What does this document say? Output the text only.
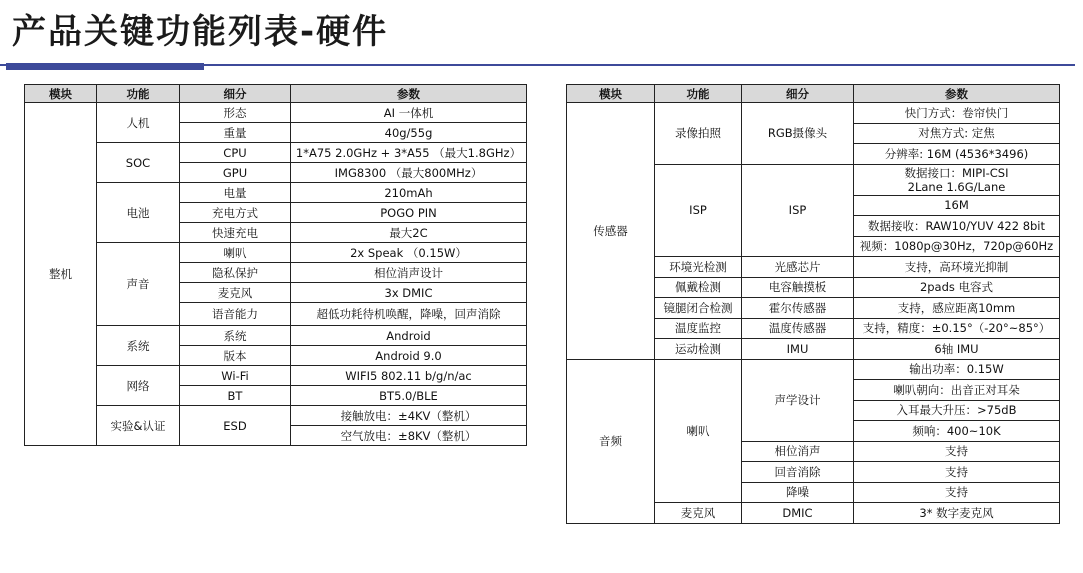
产品关键功能列表-硬件
模块	功能	细分	参数
整机	人机	形态	AI 一体机
		重量	40g/55g
	SOC	CPU	1*A75 2.0GHz + 3*A55 （最大1.8GHz）
		GPU	IMG8300 （最大800MHz）
	电池	电量	210mAh
		充电方式	POGO PIN
		快速充电	最大2C
	声音	喇叭	2x Speak （0.15W）
		隐私保护	相位消声设计
		麦克风	3x DMIC
		语音能力	超低功耗待机唤醒，降噪，回声消除
	系统	系统	Android
		版本	Android 9.0
	网络	Wi-Fi	WIFI5 802.11 b/g/n/ac
		BT	BT5.0/BLE
	实验&认证	ESD	接触放电：±4KV（整机）
			空气放电：±8KV（整机）
模块	功能	细分	参数
传感器	录像拍照	RGB摄像头	快门方式：卷帘快门
			对焦方式: 定焦
			分辨率: 16M (4536*3496)
	ISP	ISP	数据接口：MIPI-CSI 2Lane 1.6G/Lane
			16M
			数据接收：RAW10/YUV 422 8bit
			视频：1080p@30Hz，720p@60Hz
	环境光检测	光感芯片	支持，高环境光抑制
	佩戴检测	电容触摸板	2pads 电容式
	镜腿闭合检测	霍尔传感器	支持，感应距离10mm
	温度监控	温度传感器	支持，精度：±0.15°（-20°~85°）
	运动检测	IMU	6轴 IMU
音频	喇叭	声学设计	输出功率：0.15W
			喇叭朝向：出音正对耳朵
			入耳最大升压：>75dB
			频响：400~10K
		相位消声	支持
		回音消除	支持
		降噪	支持
	麦克风	DMIC	3* 数字麦克风
